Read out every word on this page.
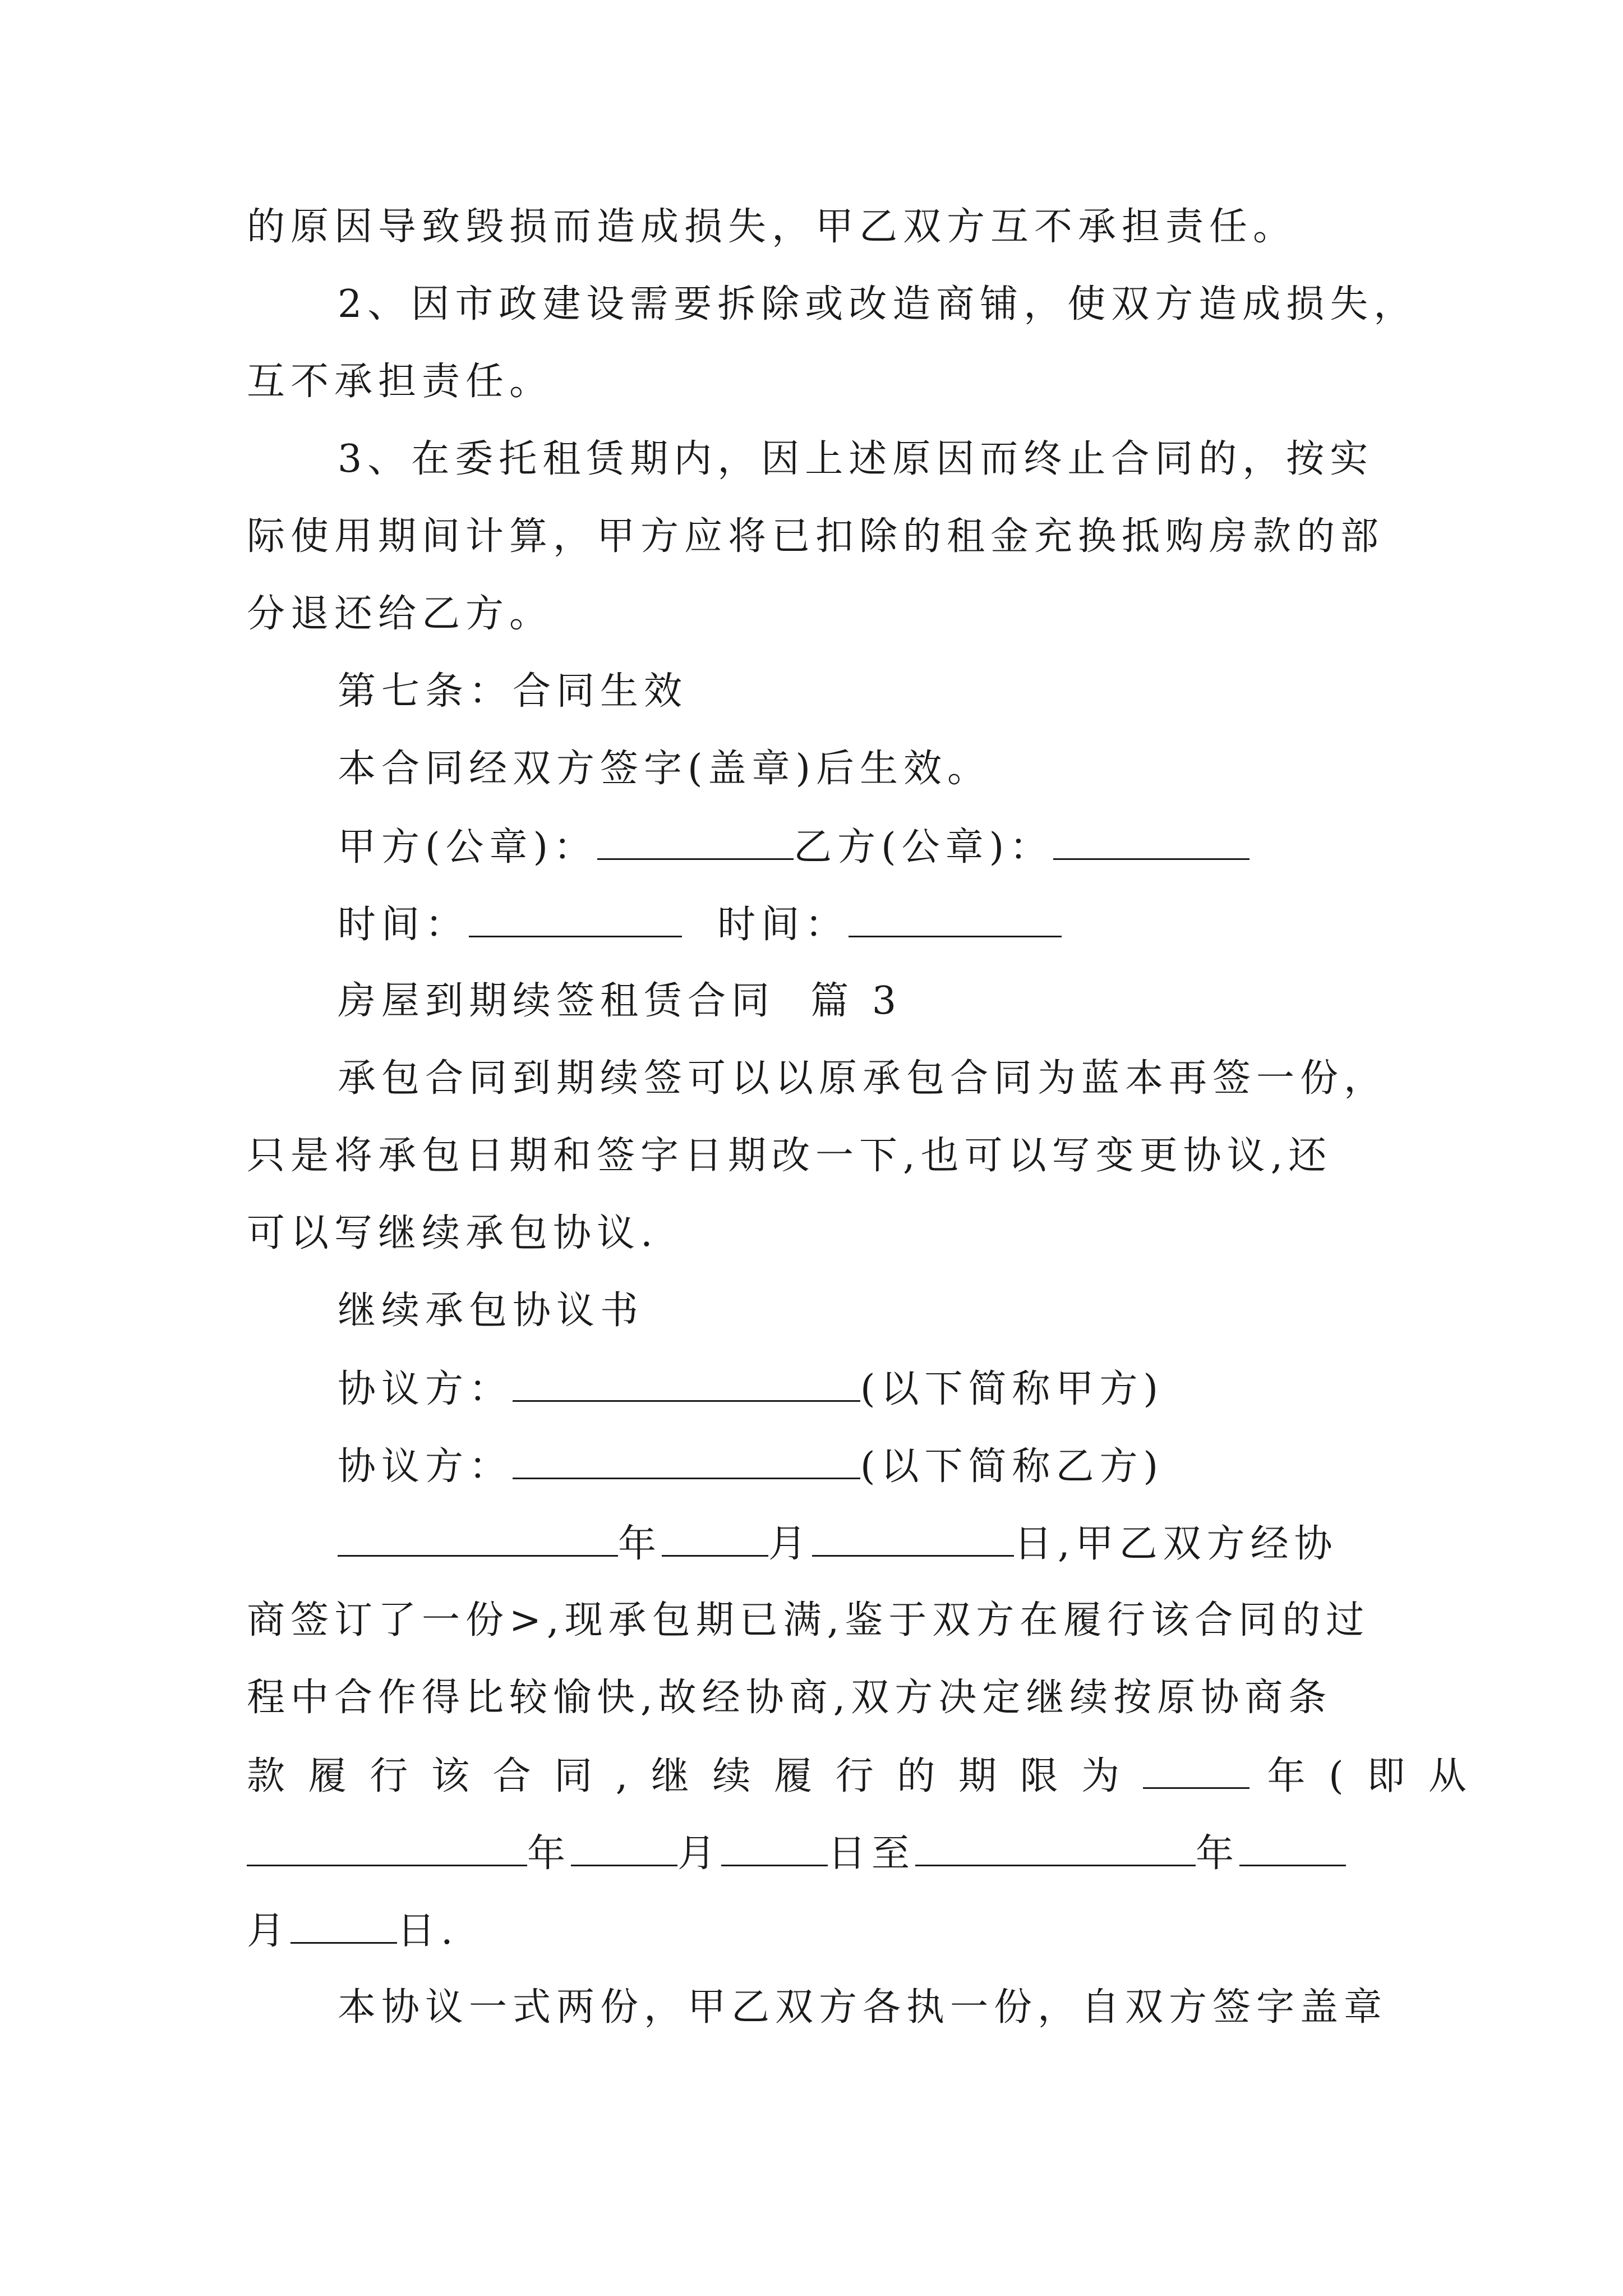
的原因导致毁损而造成损失，甲乙双方互不承担责任。
2、因市政建设需要拆除或改造商铺，使双方造成损失，
互不承担责任。
3、在委托租赁期内，因上述原因而终止合同的，按实
际使用期间计算，甲方应将已扣除的租金充换抵购房款的部
分退还给乙方。
第七条：合同生效
本合同经双方签字(盖章)后生效。
甲方(公章)：	乙方(公章)：
时间：	时间：
房屋到期续签租赁合同  篇 3
承包合同到期续签可以以原承包合同为蓝本再签一份，
只是将承包日期和签字日期改一下,也可以写变更协议,还
可以写继续承包协议.
继续承包协议书
协议方：	(以下简称甲方)
协议方：	(以下简称乙方)
年	月	日,甲乙双方经协
商签订了一份>,现承包期已满,鉴于双方在履行该合同的过
程中合作得比较愉快,故经协商,双方决定继续按原协商条
款 履 行 该 合 同 , 继 续 履 行 的 期 限 为	年 ( 即 从
年	月	日至	年
月	日.
本协议一式两份，甲乙双方各执一份，自双方签字盖章
